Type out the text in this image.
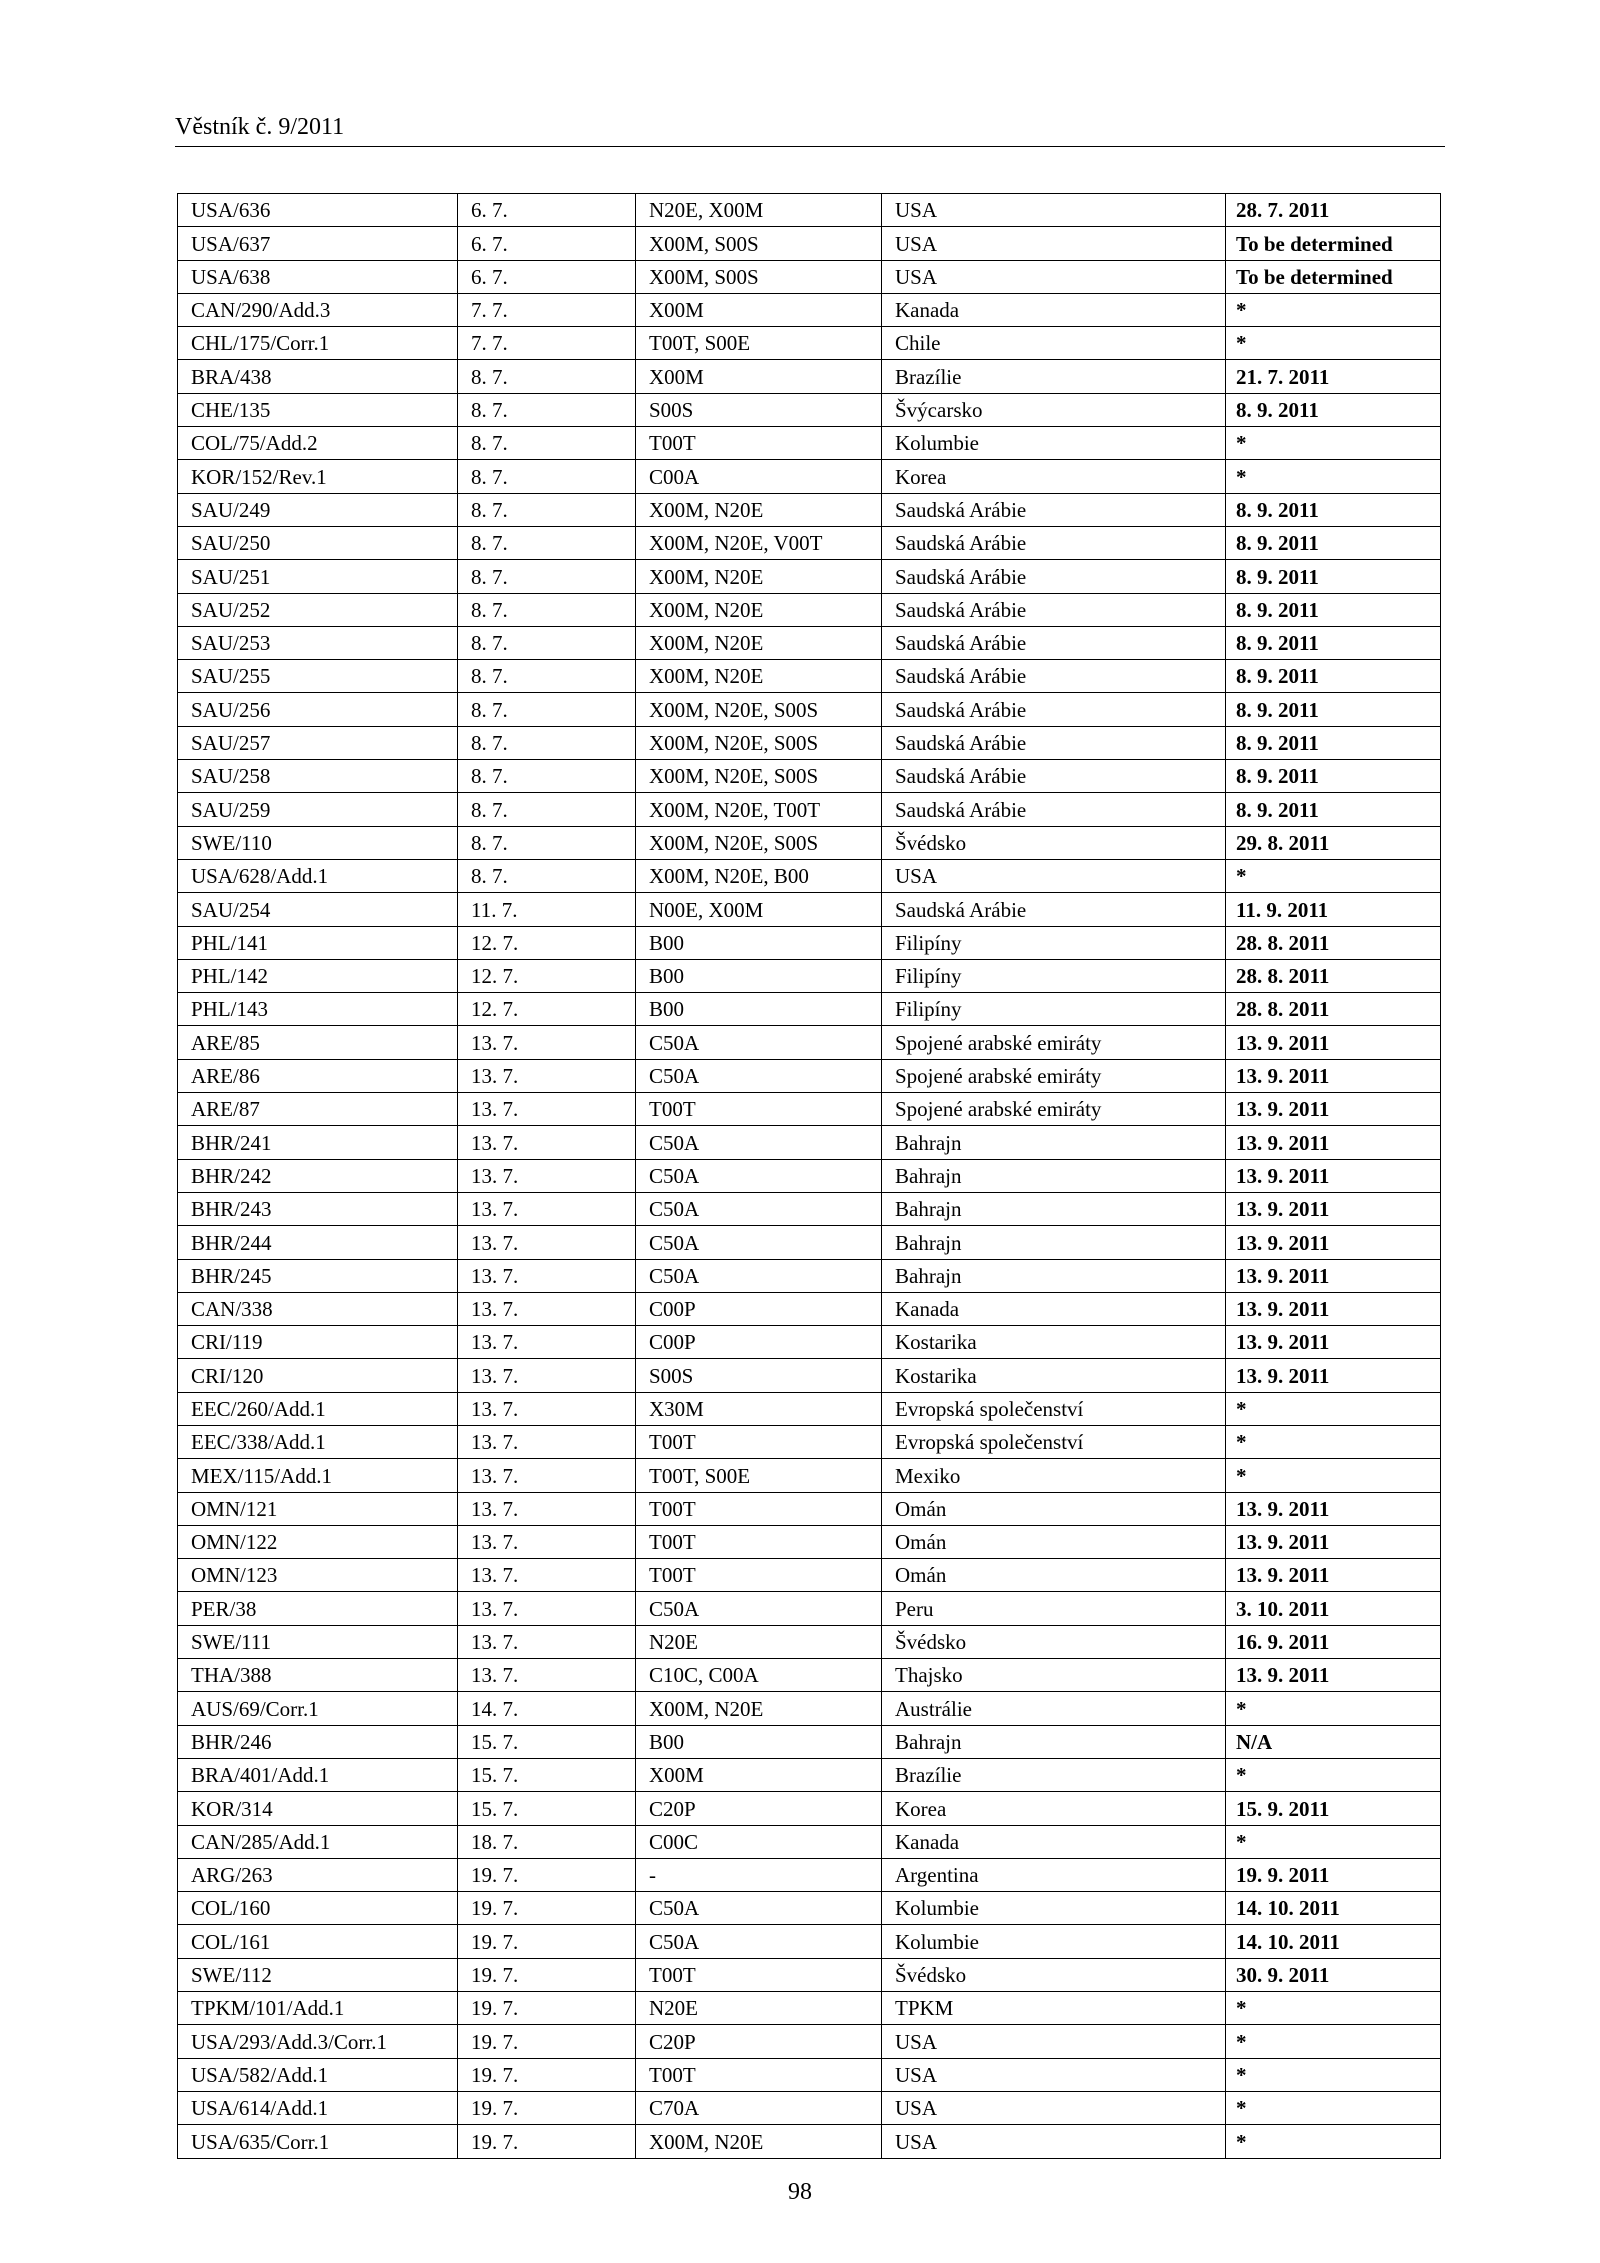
Věstník č. 9/2011
USA/636	6. 7.	N20E, X00M	USA	28. 7. 2011
USA/637	6. 7.	X00M, S00S	USA	To be determined
USA/638	6. 7.	X00M, S00S	USA	To be determined
CAN/290/Add.3	7. 7.	X00M	Kanada	*
CHL/175/Corr.1	7. 7.	T00T, S00E	Chile	*
BRA/438	8. 7.	X00M	Brazílie	21. 7. 2011
CHE/135	8. 7.	S00S	Švýcarsko	8. 9. 2011
COL/75/Add.2	8. 7.	T00T	Kolumbie	*
KOR/152/Rev.1	8. 7.	C00A	Korea	*
SAU/249	8. 7.	X00M, N20E	Saudská Arábie	8. 9. 2011
SAU/250	8. 7.	X00M, N20E, V00T	Saudská Arábie	8. 9. 2011
SAU/251	8. 7.	X00M, N20E	Saudská Arábie	8. 9. 2011
SAU/252	8. 7.	X00M, N20E	Saudská Arábie	8. 9. 2011
SAU/253	8. 7.	X00M, N20E	Saudská Arábie	8. 9. 2011
SAU/255	8. 7.	X00M, N20E	Saudská Arábie	8. 9. 2011
SAU/256	8. 7.	X00M, N20E, S00S	Saudská Arábie	8. 9. 2011
SAU/257	8. 7.	X00M, N20E, S00S	Saudská Arábie	8. 9. 2011
SAU/258	8. 7.	X00M, N20E, S00S	Saudská Arábie	8. 9. 2011
SAU/259	8. 7.	X00M, N20E, T00T	Saudská Arábie	8. 9. 2011
SWE/110	8. 7.	X00M, N20E, S00S	Švédsko	29. 8. 2011
USA/628/Add.1	8. 7.	X00M, N20E, B00	USA	*
SAU/254	11. 7.	N00E, X00M	Saudská Arábie	11. 9. 2011
PHL/141	12. 7.	B00	Filipíny	28. 8. 2011
PHL/142	12. 7.	B00	Filipíny	28. 8. 2011
PHL/143	12. 7.	B00	Filipíny	28. 8. 2011
ARE/85	13. 7.	C50A	Spojené arabské emiráty	13. 9. 2011
ARE/86	13. 7.	C50A	Spojené arabské emiráty	13. 9. 2011
ARE/87	13. 7.	T00T	Spojené arabské emiráty	13. 9. 2011
BHR/241	13. 7.	C50A	Bahrajn	13. 9. 2011
BHR/242	13. 7.	C50A	Bahrajn	13. 9. 2011
BHR/243	13. 7.	C50A	Bahrajn	13. 9. 2011
BHR/244	13. 7.	C50A	Bahrajn	13. 9. 2011
BHR/245	13. 7.	C50A	Bahrajn	13. 9. 2011
CAN/338	13. 7.	C00P	Kanada	13. 9. 2011
CRI/119	13. 7.	C00P	Kostarika	13. 9. 2011
CRI/120	13. 7.	S00S	Kostarika	13. 9. 2011
EEC/260/Add.1	13. 7.	X30M	Evropská společenství	*
EEC/338/Add.1	13. 7.	T00T	Evropská společenství	*
MEX/115/Add.1	13. 7.	T00T, S00E	Mexiko	*
OMN/121	13. 7.	T00T	Omán	13. 9. 2011
OMN/122	13. 7.	T00T	Omán	13. 9. 2011
OMN/123	13. 7.	T00T	Omán	13. 9. 2011
PER/38	13. 7.	C50A	Peru	3. 10. 2011
SWE/111	13. 7.	N20E	Švédsko	16. 9. 2011
THA/388	13. 7.	C10C, C00A	Thajsko	13. 9. 2011
AUS/69/Corr.1	14. 7.	X00M, N20E	Austrálie	*
BHR/246	15. 7.	B00	Bahrajn	N/A
BRA/401/Add.1	15. 7.	X00M	Brazílie	*
KOR/314	15. 7.	C20P	Korea	15. 9. 2011
CAN/285/Add.1	18. 7.	C00C	Kanada	*
ARG/263	19. 7.	-	Argentina	19. 9. 2011
COL/160	19. 7.	C50A	Kolumbie	14. 10. 2011
COL/161	19. 7.	C50A	Kolumbie	14. 10. 2011
SWE/112	19. 7.	T00T	Švédsko	30. 9. 2011
TPKM/101/Add.1	19. 7.	N20E	TPKM	*
USA/293/Add.3/Corr.1	19. 7.	C20P	USA	*
USA/582/Add.1	19. 7.	T00T	USA	*
USA/614/Add.1	19. 7.	C70A	USA	*
USA/635/Corr.1	19. 7.	X00M, N20E	USA	*
98
